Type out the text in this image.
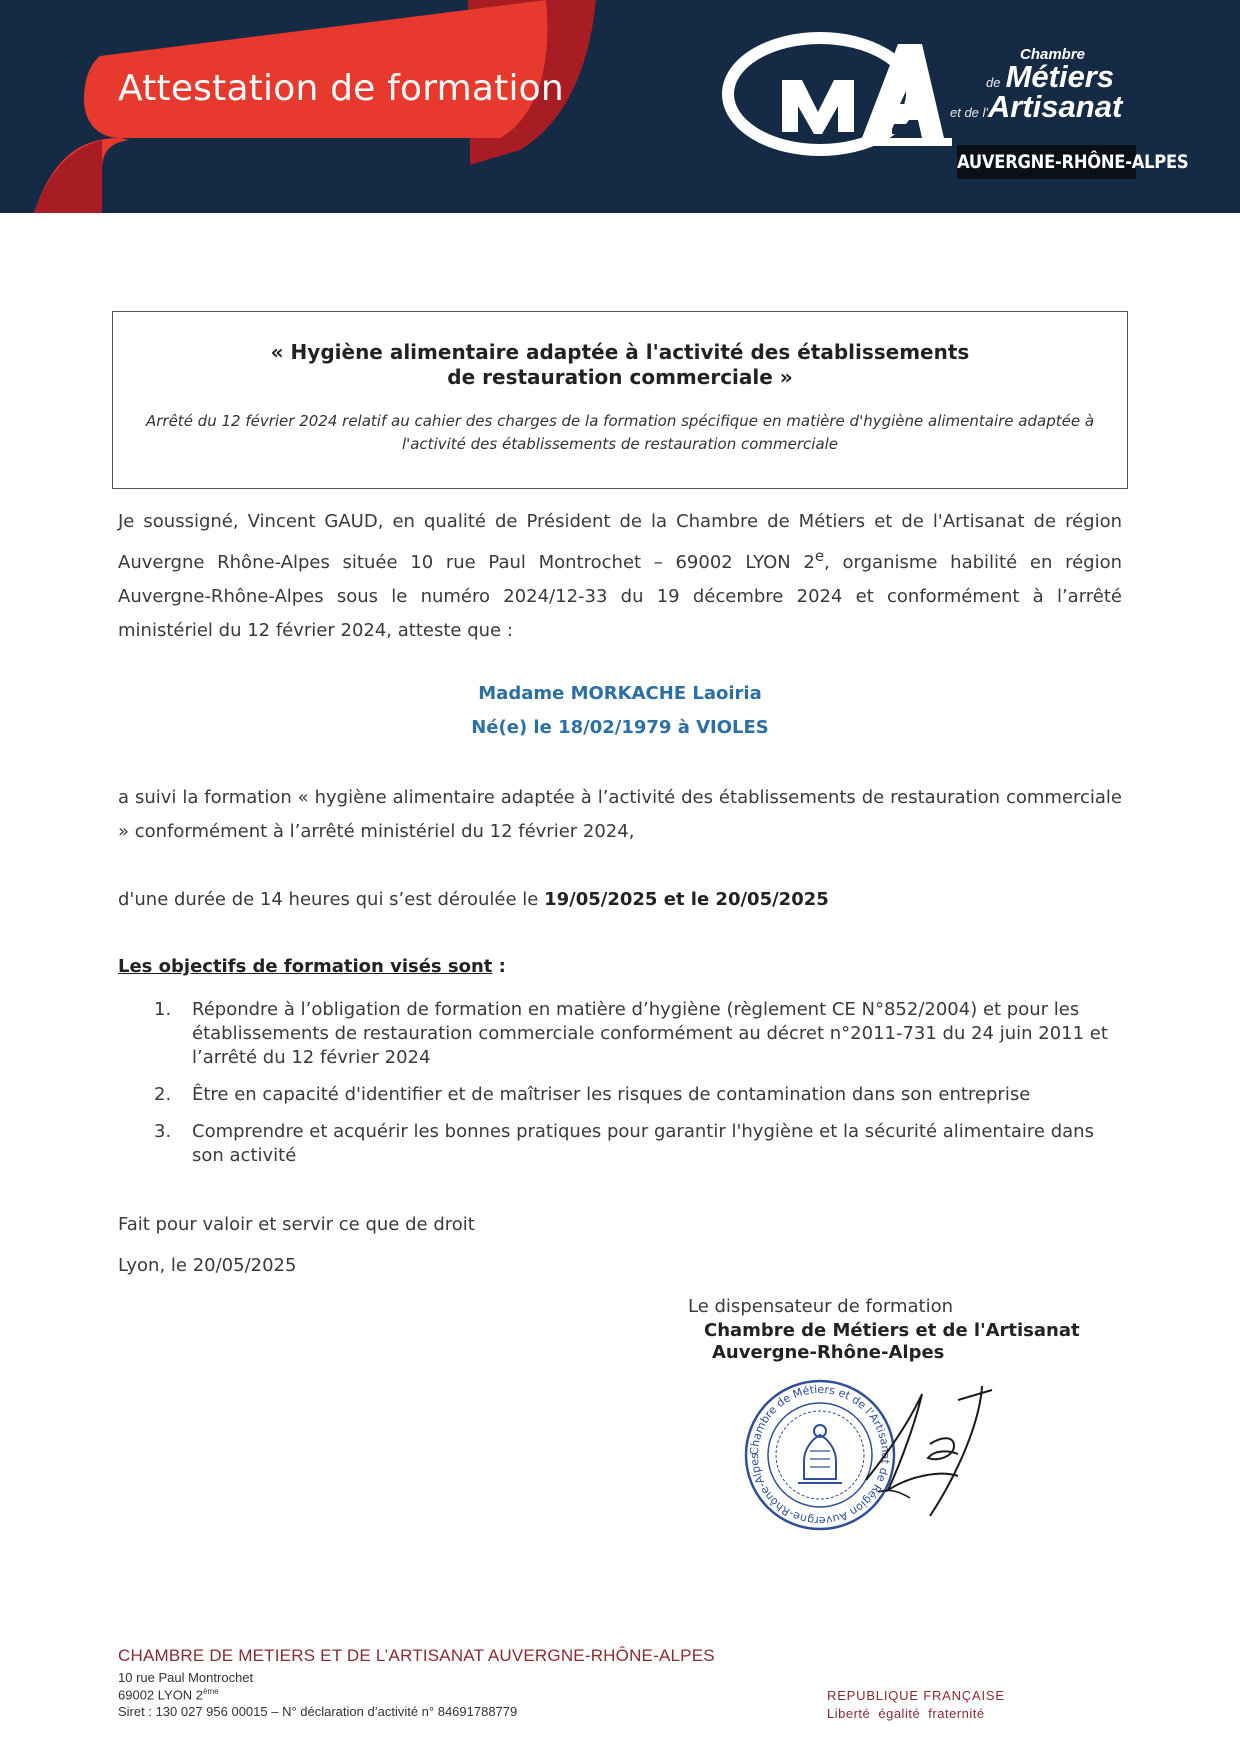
Attestation de formation
Chambre
de Métiers
et de l'Artisanat
AUVERGNE-RHÔNE-ALPES
« Hygiène alimentaire adaptée à l'activité des établissements
de restauration commerciale »
Arrêté du 12 février 2024 relatif au cahier des charges de la formation spécifique en matière d'hygiène alimentaire adaptée à
l'activité des établissements de restauration commerciale
Je soussigné, Vincent GAUD, en qualité de Président de la Chambre de Métiers et de l'Artisanat de région Auvergne Rhône-Alpes située 10 rue Paul Montrochet – 69002 LYON 2e, organisme habilité en région Auvergne-Rhône-Alpes sous le numéro 2024/12-33 du 19 décembre 2024 et conformément à l’arrêté ministériel du 12 février 2024, atteste que :
Madame MORKACHE Laoiria
Né(e) le 18/02/1979 à VIOLES
a suivi la formation « hygiène alimentaire adaptée à l’activité des établissements de restauration commerciale » conformément à l’arrêté ministériel du 12 février 2024,
d'une durée de 14 heures qui s’est déroulée le 19/05/2025 et le 20/05/2025
Les objectifs de formation visés sont :
1. Répondre à l’obligation de formation en matière d’hygiène (règlement CE N°852/2004) et pour les établissements de restauration commerciale conformément au décret n°2011-731 du 24 juin 2011 et l’arrêté du 12 février 2024
2. Être en capacité d'identifier et de maîtriser les risques de contamination dans son entreprise
3. Comprendre et acquérir les bonnes pratiques pour garantir l'hygiène et la sécurité alimentaire dans son activité
Fait pour valoir et servir ce que de droit
Lyon, le 20/05/2025
Le dispensateur de formation
Chambre de Métiers et de l'Artisanat
Auvergne-Rhône-Alpes
Chambre de Métiers et de l'Artisanat de Région Auvergne-Rhône-Alpes
CHAMBRE DE METIERS ET DE L’ARTISANAT AUVERGNE-RHÔNE-ALPES
10 rue Paul Montrochet
69002 LYON 2ème
Siret : 130 027 956 00015 – N° déclaration d’activité n° 84691788779
REPUBLIQUE FRANÇAISE
Liberté égalité fraternité
